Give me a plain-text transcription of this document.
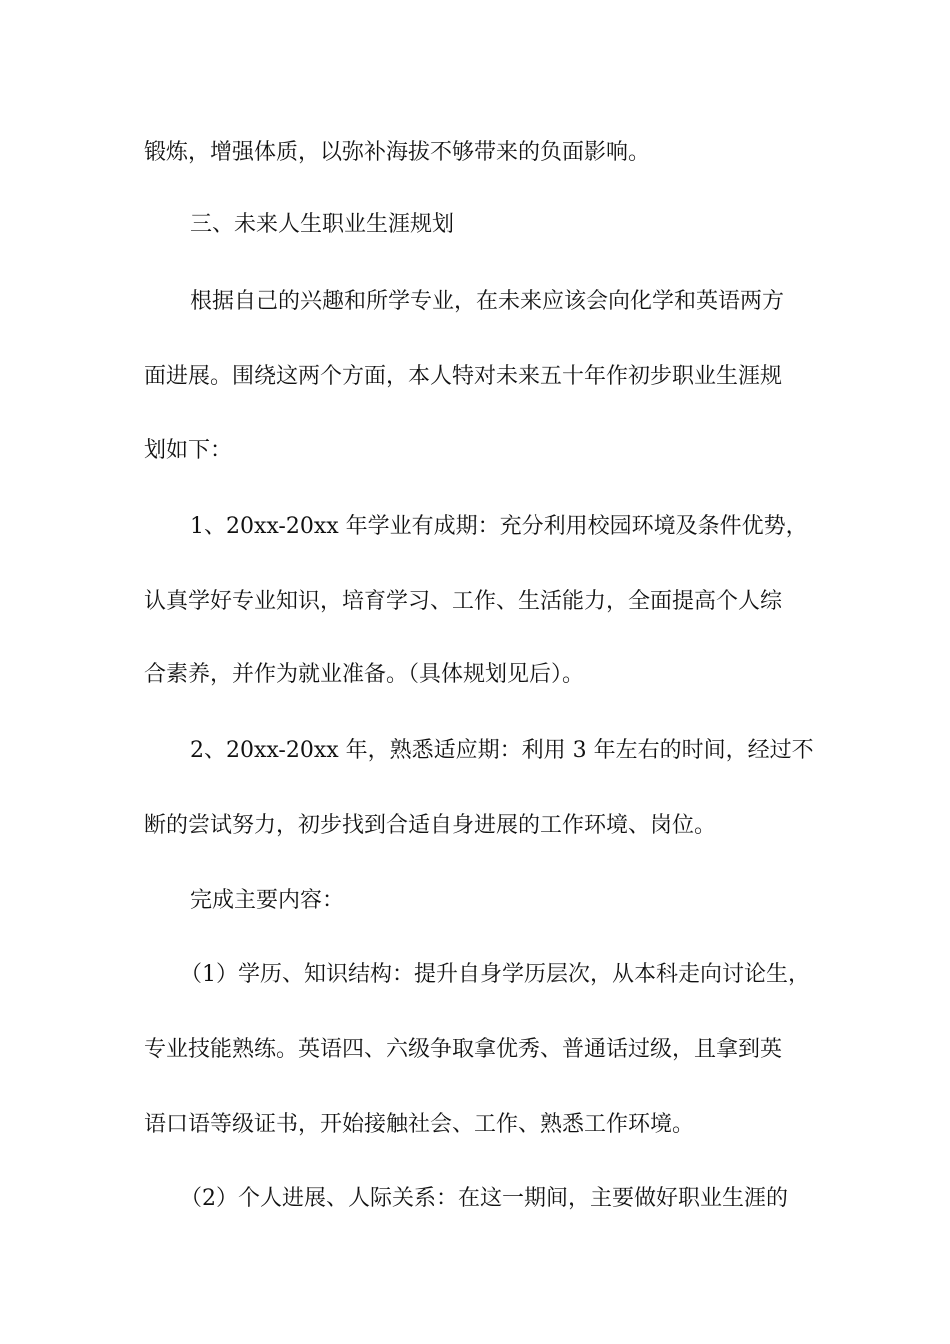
锻炼，增强体质，以弥补海拔不够带来的负面影响。
三、未来人生职业生涯规划
根据自己的兴趣和所学专业，在未来应该会向化学和英语两方
面进展。围绕这两个方面，本人特对未来五十年作初步职业生涯规
划如下：
1、20xx-20xx 年学业有成期：充分利用校园环境及条件优势，
认真学好专业知识，培育学习、工作、生活能力，全面提高个人综
合素养，并作为就业准备。（具体规划见后）。
2、20xx-20xx 年，熟悉适应期：利用 3 年左右的时间，经过不
断的尝试努力，初步找到合适自身进展的工作环境、岗位。
完成主要内容：
（1）学历、知识结构：提升自身学历层次，从本科走向讨论生，
专业技能熟练。英语四、六级争取拿优秀、普通话过级，且拿到英
语口语等级证书，开始接触社会、工作、熟悉工作环境。
（2）个人进展、人际关系：在这一期间，主要做好职业生涯的
